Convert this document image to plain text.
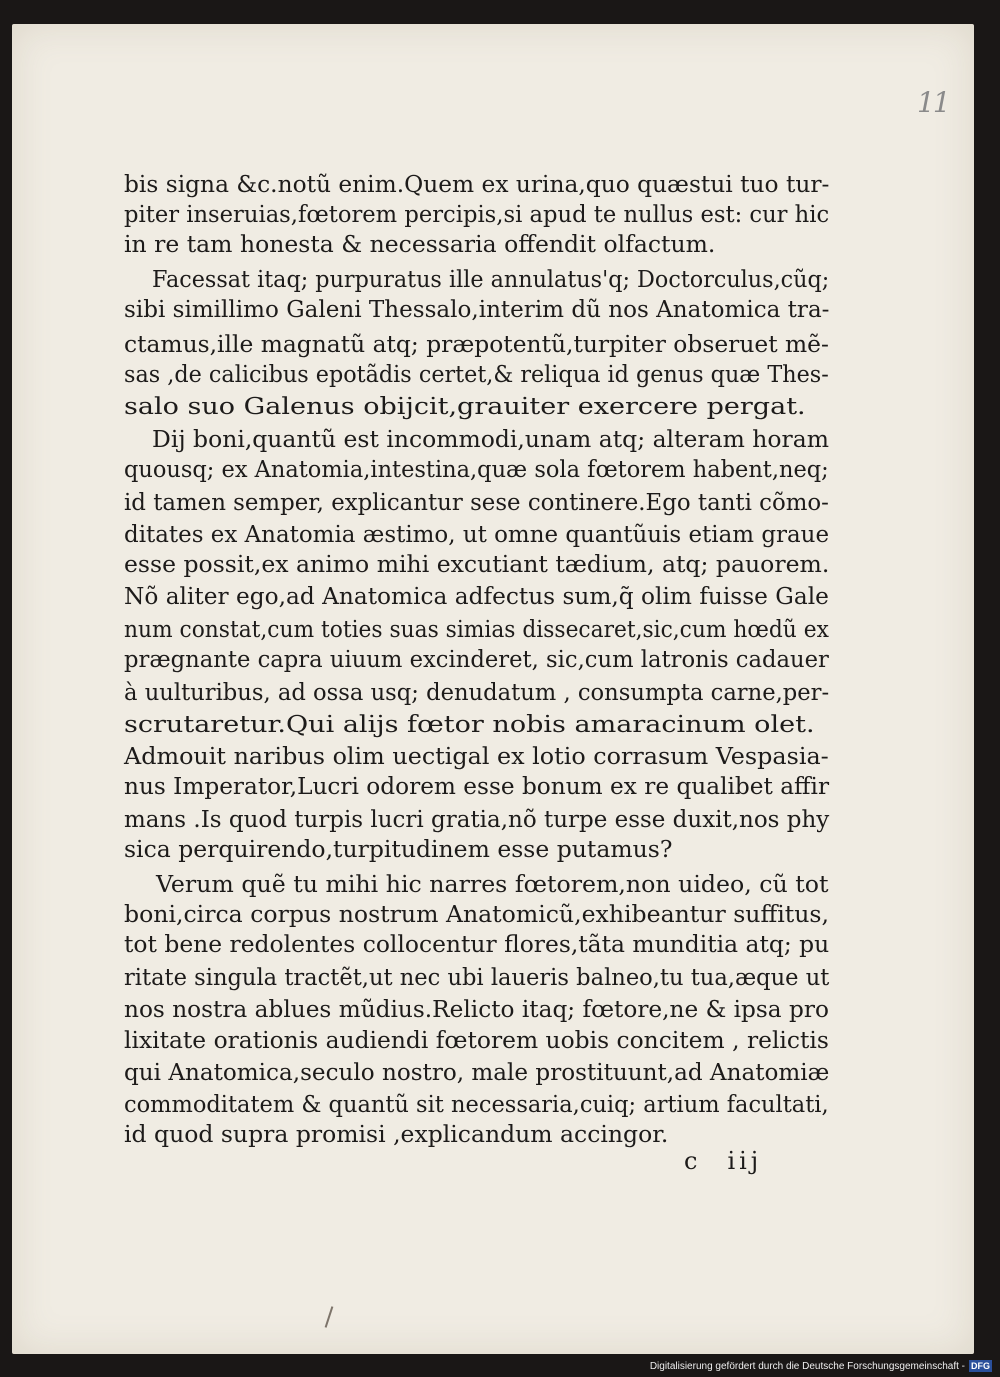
11
bis signa &c.notũ enim.Quem ex urina,quo quæstui tuo tur-
piter inseruias,fœtorem percipis,si apud te nullus est: cur hic
in re tam honesta & necessaria offendit olfactum.
Facessat itaq; purpuratus ille annulatus'q; Doctorculus,cũq;
sibi simillimo Galeni Thessalo,interim dũ nos Anatomica tra-
ctamus,ille magnatũ atq; præpotentũ,turpiter obseruet mẽ-
sas ,de calicibus epotãdis certet,& reliqua id genus quæ Thes-
salo suo Galenus obijcit,grauiter exercere pergat.
Dij boni,quantũ est incommodi,unam atq; alteram horam
quousq; ex Anatomia,intestina,quæ sola fœtorem habent,neq;
id tamen semper, explicantur sese continere.Ego tanti cõmo-
ditates ex Anatomia æstimo, ut omne quantũuis etiam graue
esse possit,ex animo mihi excutiant tædium, atq; pauorem.
Nõ aliter ego,ad Anatomica adfectus sum,q̃ olim fuisse Gale
num constat,cum toties suas simias dissecaret,sic,cum hœdũ ex
prægnante capra uiuum excinderet, sic,cum latronis cadauer
à uulturibus, ad ossa usq; denudatum , consumpta carne,per-
scrutaretur.Qui alijs fœtor nobis amaracinum olet.
Admouit naribus olim uectigal ex lotio corrasum Vespasia-
nus Imperator,Lucri odorem esse bonum ex re qualibet affir
mans .Is quod turpis lucri gratia,nõ turpe esse duxit,nos phy
sica perquirendo,turpitudinem esse putamus?
Verum quẽ tu mihi hic narres fœtorem,non uideo, cũ tot
boni,circa corpus nostrum Anatomicũ,exhibeantur suffitus,
tot bene redolentes collocentur flores,tãta munditia atq; pu
ritate singula tractẽt,ut nec ubi laueris balneo,tu tua,æque ut
nos nostra ablues mũdius.Relicto itaq; fœtore,ne & ipsa pro
lixitate orationis audiendi fœtorem uobis concitem , relictis
qui Anatomica,seculo nostro, male prostituunt,ad Anatomiæ
commoditatem & quantũ sit necessaria,cuiq; artium facultati,
id quod supra promisi ,explicandum accingor.
c iij
Digitalisierung gefördert durch die Deutsche Forschungsgemeinschaft - DFG
